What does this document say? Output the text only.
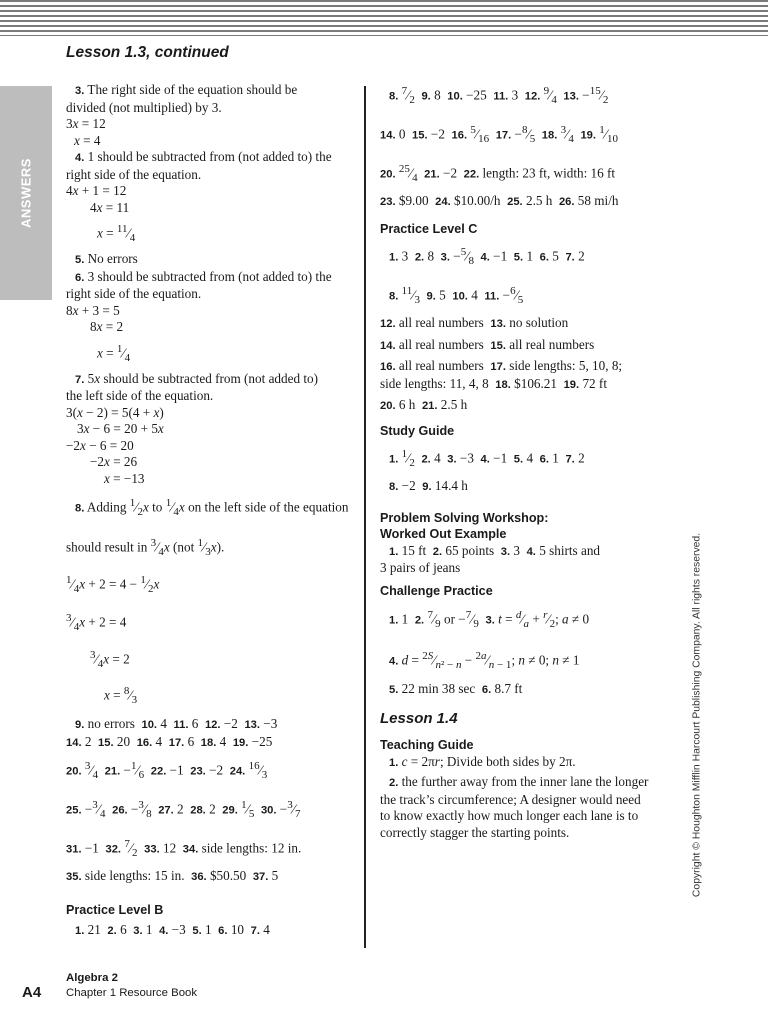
Lesson 1.3, continued
ANSWERS

3. The right side of the equation should be

divided (not multiplied) by 3.

3x = 12

x = 4

4. 1 should be subtracted from (not added to) the

right side of the equation.

4x + 1 = 12

4x = 11

$x = ^{11}⁄_4$

5. No errors

6. 3 should be subtracted from (not added to) the

right side of the equation.

8x + 3 = 5

8x = 2

$x = ^1⁄_4$

7. 5x should be subtracted from (not added to)

the left side of the equation.

3(x − 2) = 5(4 + x)

3x − 6 = 20 + 5x

−2x − 6 = 20

−2x = 26

x = −13

8. Adding $^1⁄_2x$ to $^1⁄_4x$ on the left side of the equation

should result in $^3⁄_4x$ (not $^1⁄_3x$).

$^1⁄_4x + 2 = 4$ − $^1⁄_2x$

$^3⁄_4x + 2 = 4$

$^3⁄_4x = 2$

$x = ^8⁄_3$

9. no errors  10. 4  11. 6  12. −2  13. −3

14. 2  15. 20  16. 4  17. 6  18. 4  19. −25

20. $^3⁄_4$ 21. $-^1⁄_6$ 22. −1  23. −2  24. $^{16}⁄_3$

25. $-^3⁄_4$ 26. $-^3⁄_8$ 27. 2  28. 2  29. $^1⁄_5$ 30. $-^3⁄_7$

31. −1  32. $^7⁄_2$ 33. 12  34. side lengths: 12 in.

35. side lengths: 15 in.  36. $50.50  37. 5

Practice Level B

1. 21  2. 6  3. 1  4. −3  5. 1  6. 10  7. 4

8. $^7⁄_2$ 9. 8  10. −25  11. 3  12. $^9⁄_4$ 13. $-^{15}⁄_2$

14. 0  15. −2  16. $^5⁄_{16}$ 17. $-^8⁄_5$ 18. $^3⁄_4$ 19. $^1⁄_{10}$

20. $^{25}⁄_4$ 21. −2  22. length: 23 ft, width: 16 ft

23. $9.00  24. $10.00/h  25. 2.5 h  26. 58 mi/h

Practice Level C

1. 3  2. 8  3. $-^5⁄_8$ 4. −1  5. 1  6. 5  7. 2

8. $^{11}⁄_3$ 9. 5  10. 4  11. $-^6⁄_5$

12. all real numbers  13. no solution

14. all real numbers  15. all real numbers

16. all real numbers  17. side lengths: 5, 10, 8;

side lengths: 11, 4, 8  18. $106.21  19. 72 ft

20. 6 h  21. 2.5 h

Study Guide

1. $^1⁄_2$ 2. 4  3. −3  4. −1  5. 4  6. 1  7. 2

8. −2  9. 14.4 h

Problem Solving Workshop:
Worked Out Example

1. 15 ft  2. 65 points  3. 3  4. 5 shirts and

3 pairs of jeans

Challenge Practice

1. 1  2. $^7⁄_9$ or $-^7⁄_9$ 3. $t = ^d⁄_a$ + $^r⁄_2$; a ≠ 0

4. $d = ^{2S}⁄_{n^2 - n}$ − $^{2a}⁄_{n - 1}$; n ≠ 0; n ≠ 1

5. 22 min 38 sec  6. 8.7 ft

Lesson 1.4

Teaching Guide

1. c = 2πr; Divide both sides by 2π.

2. the further away from the inner lane the longer

the track’s circumference; A designer would need

to know exactly how much longer each lane is to

correctly stagger the starting points.	Copyright © Houghton Mifflin Harcourt Publishing Company. All rights reserved.
A4
Algebra 2
Chapter 1 Resource Book
